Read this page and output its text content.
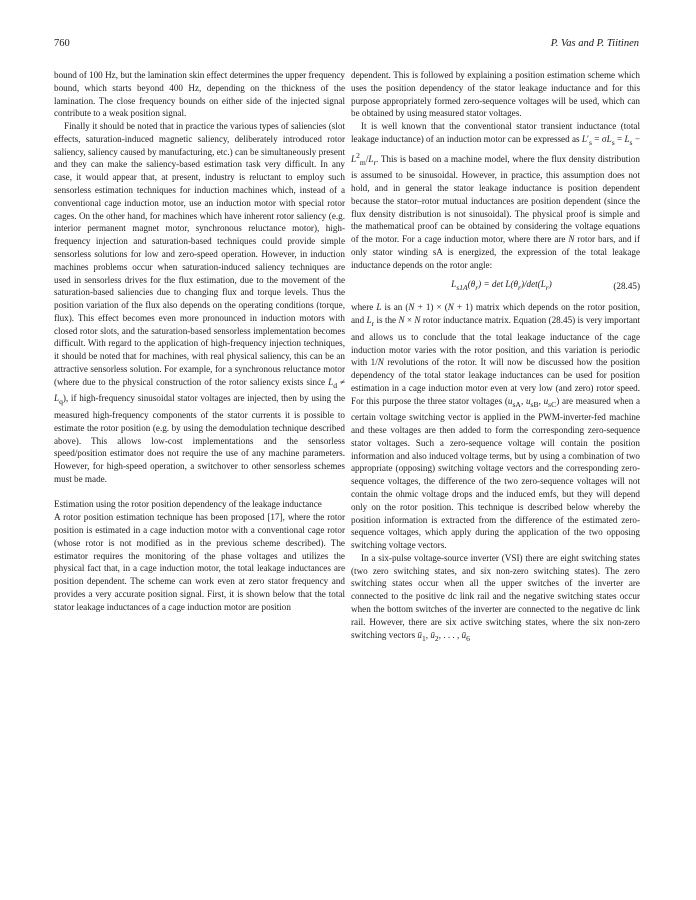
760	P. Vas and P. Tiitinen

bound of 100 Hz, but the lamination skin effect determines the upper frequency bound, which starts beyond 400 Hz, depending on the thickness of the lamination. The close frequency bounds on either side of the injected signal contribute to a weak position signal.

Finally it should be noted that in practice the various types of saliencies (slot effects, saturation-induced magnetic saliency, deliberately introduced rotor saliency, saliency caused by manufacturing, etc.) can be simultaneously present and they can make the saliency-based estimation task very difficult. In any case, it would appear that, at present, industry is reluctant to employ such sensorless estimation techniques for induction machines which, instead of a conventional cage induction motor, use an induction motor with special rotor cages. On the other hand, for machines which have inherent rotor saliency (e.g. interior permanent magnet motor, synchronous reluctance motor), high-frequency injection and saturation-based techniques could provide simple sensorless solutions for low and zero-speed operation. However, in induction machines problems occur when saturation-induced saliency techniques are used in sensorless drives for the flux estimation, due to the movement of the saturation-based saliencies due to changing flux and torque levels. Thus the position variation of the flux also depends on the operating conditions (torque, flux). This effect becomes even more pronounced in induction motors with closed rotor slots, and the saturation-based sensorless implementation becomes difficult. With regard to the application of high-frequency injection techniques, it should be noted that for machines, with real physical saliency, this can be an attractive sensorless solution. For example, for a synchronous reluctance motor (where due to the physical construction of the rotor saliency exists since $L_d \ne L_q$), if high-frequency sinusoidal stator voltages are injected, then by using the measured high-frequency components of the stator currents it is possible to estimate the rotor position (e.g. by using the demodulation technique described above). This allows low-cost implementations and the sensorless speed/position estimator does not require the use of any machine parameters. However, for high-speed operation, a switchover to other sensorless schemes must be made.

Estimation using the rotor position dependency of the leakage inductance

A rotor position estimation technique has been proposed [17], where the rotor position is estimated in a cage induction motor with a conventional cage rotor (whose rotor is not modified as in the previous scheme described). The estimator requires the monitoring of the phase voltages and utilizes the physical fact that, in a cage induction motor, the total leakage inductances are position dependent. The scheme can work even at zero stator frequency and provides a very accurate position signal. First, it is shown below that the total stator leakage inductances of a cage induction motor are position

dependent. This is followed by explaining a position estimation scheme which uses the position dependency of the stator leakage inductance and for this purpose appropriately formed zero-sequence voltages will be used, which can be obtained by using measured stator voltages.

It is well known that the conventional stator transient inductance (total leakage inductance) of an induction motor can be expressed as $L'_s = \sigma L_s = L_s - L^2_m/L_r$. This is based on a machine model, where the flux density distribution is assumed to be sinusoidal. However, in practice, this assumption does not hold, and in general the stator leakage inductance is position dependent because the stator–rotor mutual inductances are position dependent (since the flux density distribution is not sinusoidal). The physical proof is simple and the mathematical proof can be obtained by considering the voltage equations of the motor. For a cage induction motor, where there are N rotor bars, and if only stator winding sA is energized, the expression of the total leakage inductance depends on the rotor angle:

$L_{s1A}(\theta_r) = \det L(\theta_r)/\det(L_r)$	(28.45)

where L is an (N + 1) × (N + 1) matrix which depends on the rotor position, and $L_r$ is the N × N rotor inductance matrix. Equation (28.45) is very important and allows us to conclude that the total leakage inductance of the cage induction motor varies with the rotor position, and this variation is periodic with 1/N revolutions of the rotor. It will now be discussed how the position dependency of the total stator leakage inductances can be used for position estimation in a cage induction motor even at very low (and zero) rotor speed. For this purpose the three stator voltages ($u_{sA}$, $u_{sB}$, $u_{sC}$) are measured when a certain voltage switching vector is applied in the PWM-inverter-fed machine and these voltages are then added to form the corresponding zero-sequence stator voltages. Such a zero-sequence voltage will contain the position information and also induced voltage terms, but by using a combination of two appropriate (opposing) switching voltage vectors and the corresponding zero-sequence voltages, the difference of the two zero-sequence voltages will not contain the ohmic voltage drops and the induced emfs, but they will depend only on the rotor position. This technique is described below whereby the position information is extracted from the difference of the estimated zero-sequence voltages, which apply during the application of the two opposing switching voltage vectors.

In a six-pulse voltage-source inverter (VSI) there are eight switching states (two zero switching states, and six non-zero switching states). The zero switching states occur when all the upper switches of the inverter are connected to the positive dc link rail and the negative switching states occur when the bottom switches of the inverter are connected to the negative dc link rail. However, there are six active switching states, where the six non-zero switching vectors $ū_1$, $ū_2$, . . . , $ū_6$
